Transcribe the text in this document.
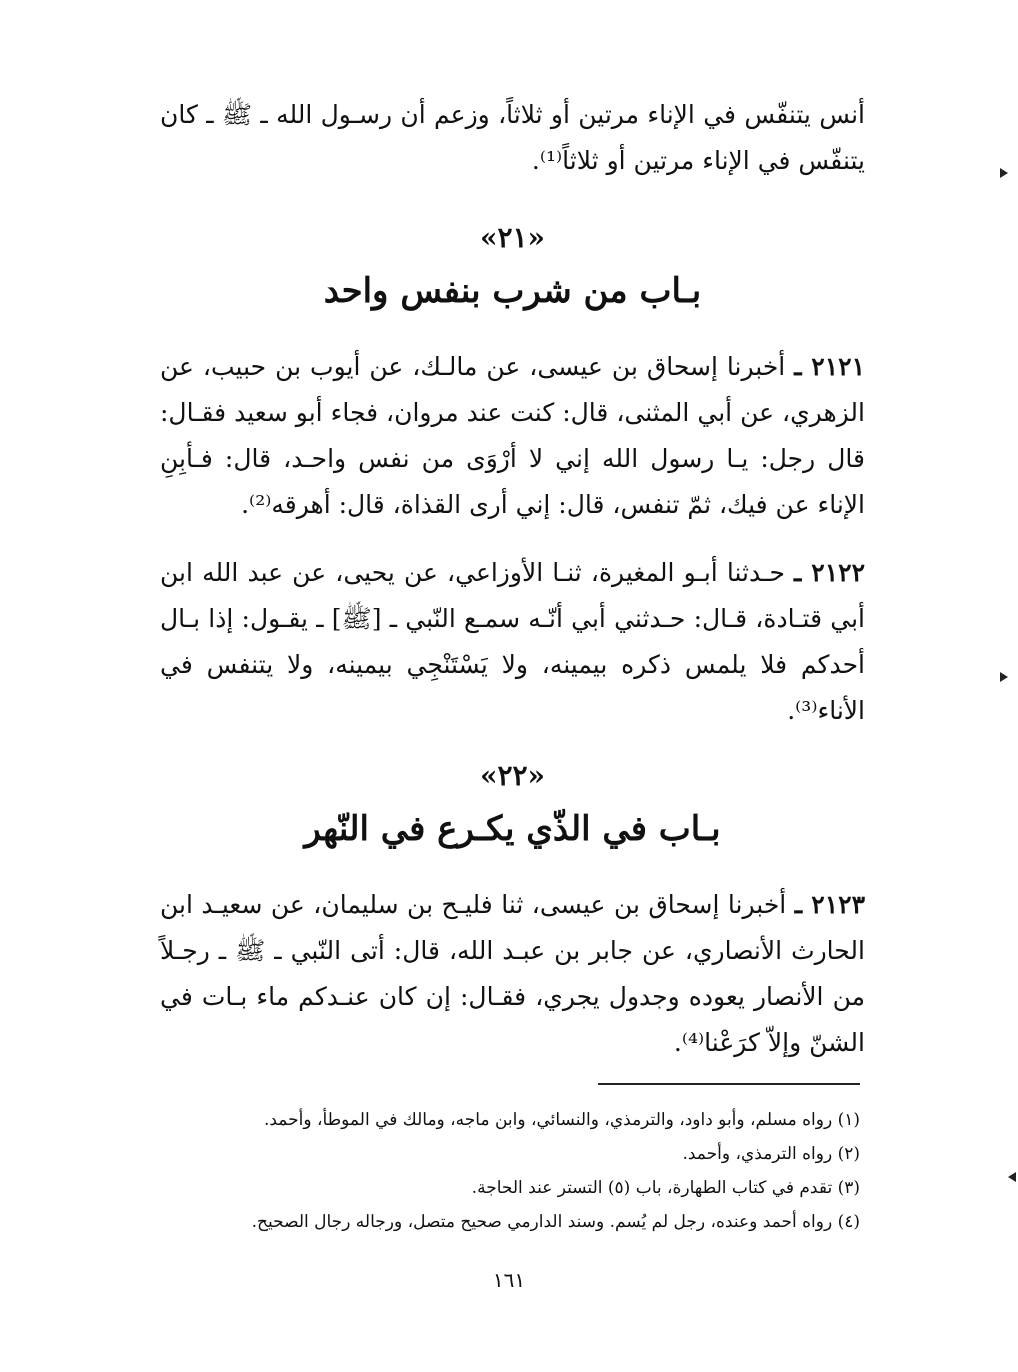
أنس يتنفّس في الإناء مرتين أو ثلاثاً، وزعم أن رسـول الله ـ ﷺ ـ كان يتنفّس في الإناء مرتين أو ثلاثاً⁽¹⁾.

«٢١»

بـاب من شرب بنفس واحد

٢١٢١ ـ أخبرنا إسحاق بن عيسى، عن مالـك، عن أيوب بن حبيب، عن الزهري، عن أبي المثنى، قال: كنت عند مروان، فجاء أبو سعيد فقـال: قال رجل: يـا رسول الله إني لا أرْوَى من نفس واحـد، قال: فـأبِنِ الإناء عن فيك، ثمّ تنفس، قال: إني أرى القذاة، قال: أهرقه⁽²⁾.

٢١٢٢ ـ حـدثنا أبـو المغيرة، ثنـا الأوزاعي، عن يحيى، عن عبد الله ابن أبي قتـادة، قـال: حـدثني أبي أنّـه سمـع النّبي ـ [ﷺ] ـ يقـول: إذا بـال أحدكم فلا يلمس ذكره بيمينه، ولا يَسْتَنْجِي بيمينه، ولا يتنفس في الأناء⁽³⁾.

«٢٢»

بـاب في الذّي يكـرع في النّهر

٢١٢٣ ـ أخبرنا إسحاق بن عيسى، ثنا فليـح بن سليمان، عن سعيـد ابن الحارث الأنصاري، عن جابر بن عبـد الله، قال: أتى النّبي ـ ﷺ ـ رجـلاً من الأنصار يعوده وجدول يجري، فقـال: إن كان عنـدكم ماء بـات في الشنّ وإلاّ كرَعْنا⁽⁴⁾.

(١) رواه مسلم، وأبو داود، والترمذي، والنسائي، وابن ماجه، ومالك في الموطأ، وأحمد.

(٢) رواه الترمذي، وأحمد.

(٣) تقدم في كتاب الطهارة، باب (٥) التستر عند الحاجة.

(٤) رواه أحمد وعنده، رجل لم يُسم. وسند الدارمي صحيح متصل، ورجاله رجال الصحيح.

١٦١
